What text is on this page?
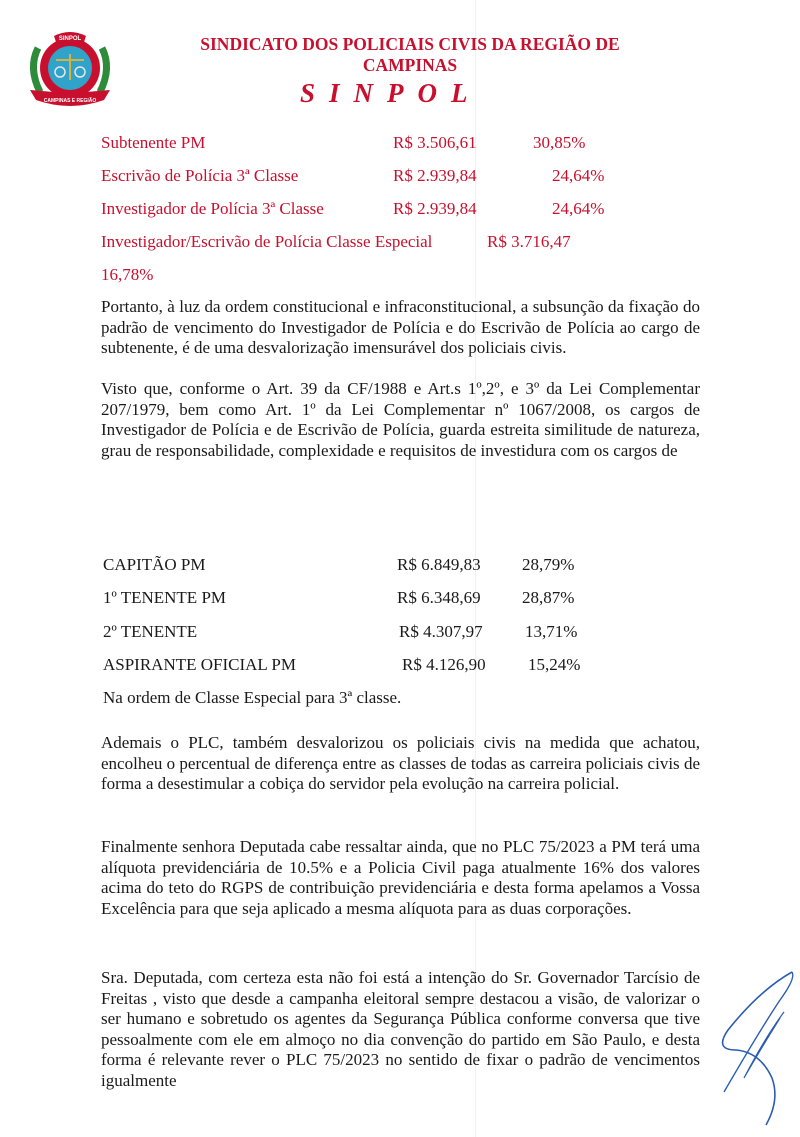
SINPOL
CAMPINAS E REGIÃO
SINDICATO DOS POLICIAIS CIVIS DA REGIÃO DE
CAMPINAS
SINPOL
Subtenente PM	R$ 3.506,61	30,85%
Escrivão de Polícia 3ª Classe	R$ 2.939,84	24,64%
Investigador de Polícia 3ª Classe	R$ 2.939,84	24,64%
Investigador/Escrivão de Polícia Classe Especial	R$ 3.716,47
16,78%

Portanto, à luz da ordem constitucional e infraconstitucional, a subsunção da fixação do padrão de vencimento do Investigador de Polícia e do Escrivão de Polícia ao cargo de subtenente, é de uma desvalorização imensurável dos policiais civis.

Visto que, conforme o Art. 39 da CF/1988 e Art.s 1º,2º, e 3º da Lei Complementar 207/1979, bem como Art. 1º da Lei Complementar nº 1067/2008, os cargos de Investigador de Polícia e de Escrivão de Polícia, guarda estreita similitude de natureza, grau de responsabilidade, complexidade e requisitos de investidura com os cargos de

CAPITÃO PM	R$ 6.849,83 28,79%
1º TENENTE PM	R$ 6.348,69 28,87%
2º TENENTE	R$ 4.307,97 13,71%
ASPIRANTE OFICIAL PM	R$ 4.126,90 15,24%
Na ordem de Classe Especial para 3ª classe.

Ademais o PLC, também desvalorizou os policiais civis na medida que achatou, encolheu o percentual de diferença entre as classes de todas as carreira policiais civis de forma a desestimular a cobiça do servidor pela evolução na carreira policial.

Finalmente senhora Deputada cabe ressaltar ainda, que no PLC 75/2023 a PM terá uma alíquota previdenciária de 10.5% e a Policia Civil paga atualmente 16% dos valores acima do teto do RGPS de contribuição previdenciária e desta forma apelamos a Vossa Excelência para que seja aplicado a mesma alíquota para as duas corporações.

Sra. Deputada, com certeza esta não foi está a intenção do Sr. Governador Tarcísio de Freitas , visto que desde a campanha eleitoral sempre destacou a visão, de valorizar o ser humano e sobretudo os agentes da Segurança Pública conforme conversa que tive pessoalmente com ele em almoço no dia convenção do partido em São Paulo, e desta forma é relevante rever o PLC 75/2023 no sentido de fixar o padrão de vencimentos igualmente
